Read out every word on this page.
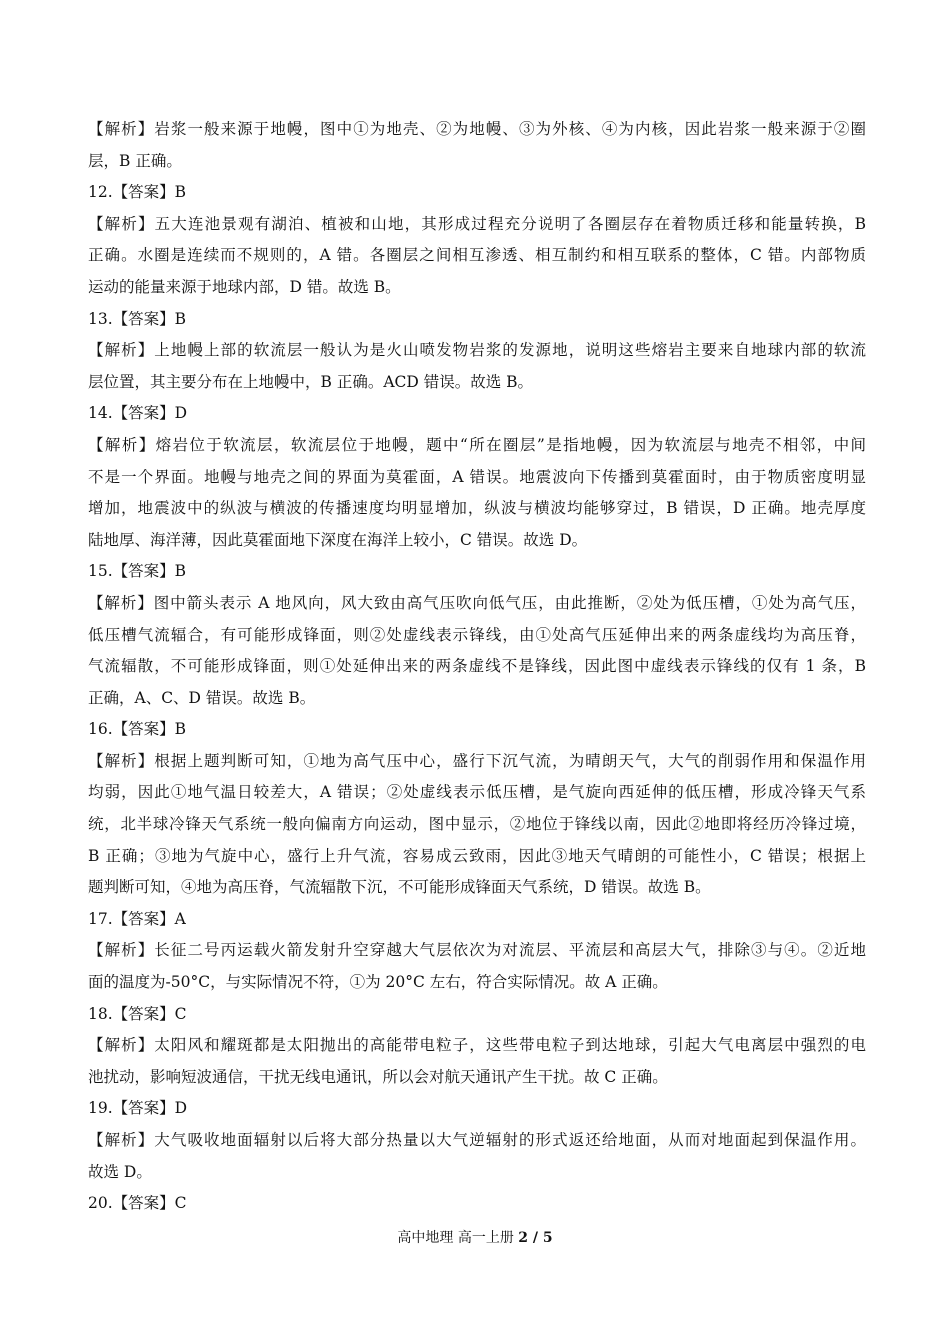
【解析】岩浆一般来源于地幔，图中①为地壳、②为地幔、③为外核、④为内核，因此岩浆一般来源于②圈
层，B 正确。
12.【答案】B
【解析】五大连池景观有湖泊、植被和山地，其形成过程充分说明了各圈层存在着物质迁移和能量转换，B
正确。水圈是连续而不规则的，A 错。各圈层之间相互渗透、相互制约和相互联系的整体，C 错。内部物质
运动的能量来源于地球内部，D 错。故选 B。
13.【答案】B
【解析】上地幔上部的软流层一般认为是火山喷发物岩浆的发源地，说明这些熔岩主要来自地球内部的软流
层位置，其主要分布在上地幔中，B 正确。ACD 错误。故选 B。
14.【答案】D
【解析】熔岩位于软流层，软流层位于地幔，题中“所在圈层”是指地幔，因为软流层与地壳不相邻，中间
不是一个界面。地幔与地壳之间的界面为莫霍面，A 错误。地震波向下传播到莫霍面时，由于物质密度明显
增加，地震波中的纵波与横波的传播速度均明显增加，纵波与横波均能够穿过，B 错误，D 正确。地壳厚度
陆地厚、海洋薄，因此莫霍面地下深度在海洋上较小，C 错误。故选 D。
15.【答案】B
【解析】图中箭头表示 A 地风向，风大致由高气压吹向低气压，由此推断，②处为低压槽，①处为高气压，
低压槽气流辐合，有可能形成锋面，则②处虚线表示锋线，由①处高气压延伸出来的两条虚线均为高压脊，
气流辐散，不可能形成锋面，则①处延伸出来的两条虚线不是锋线，因此图中虚线表示锋线的仅有 1 条，B
正确，A、C、D 错误。故选 B。
16.【答案】B
【解析】根据上题判断可知，①地为高气压中心，盛行下沉气流，为晴朗天气，大气的削弱作用和保温作用
均弱，因此①地气温日较差大，A 错误；②处虚线表示低压槽，是气旋向西延伸的低压槽，形成冷锋天气系
统，北半球冷锋天气系统一般向偏南方向运动，图中显示，②地位于锋线以南，因此②地即将经历冷锋过境，
B 正确；③地为气旋中心，盛行上升气流，容易成云致雨，因此③地天气晴朗的可能性小，C 错误；根据上
题判断可知，④地为高压脊，气流辐散下沉，不可能形成锋面天气系统，D 错误。故选 B。
17.【答案】A
【解析】长征二号丙运载火箭发射升空穿越大气层依次为对流层、平流层和高层大气，排除③与④。②近地
面的温度为-50°C，与实际情况不符，①为 20°C 左右，符合实际情况。故 A 正确。
18.【答案】C
【解析】太阳风和耀斑都是太阳抛出的高能带电粒子，这些带电粒子到达地球，引起大气电离层中强烈的电
池扰动，影响短波通信，干扰无线电通讯，所以会对航天通讯产生干扰。故 C 正确。
19.【答案】D
【解析】大气吸收地面辐射以后将大部分热量以大气逆辐射的形式返还给地面，从而对地面起到保温作用。
故选 D。
20.【答案】C
高中地理 高一上册 2 / 5
